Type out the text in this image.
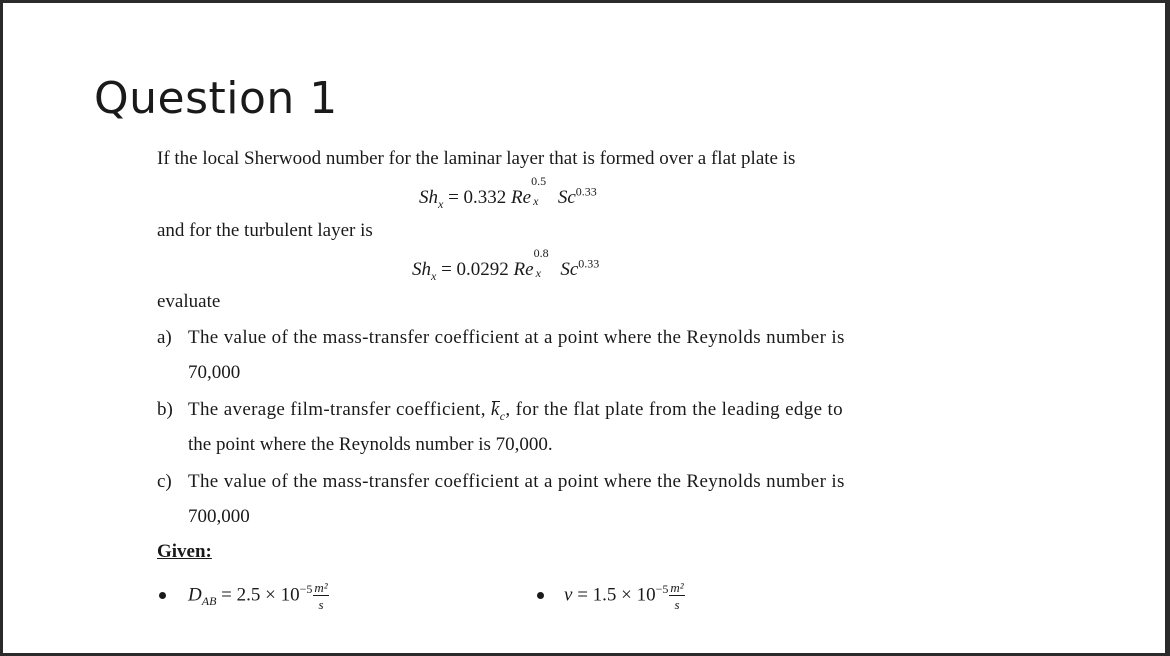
Question 1
If the local Sherwood number for the laminar layer that is formed over a flat plate is
$Sh_x = 0.332$ Re
0.5
x $Sc^{0.33}$
and for the turbulent layer is
$Sh_x = 0.0292$ Re
0.8
x $Sc^{0.33}$
evaluate
a) The value of the mass-transfer coefficient at a point where the Reynolds number is
70,000
b) The average film-transfer coefficient, $k_c$, for the flat plate from the leading edge to
the point where the Reynolds number is 70,000.
c) The value of the mass-transfer coefficient at a point where the Reynolds number is
700,000
Given:
$D_{AB} = 2.5 \times 10^{-5} \frac{\text{m²}}{s}$	$\nu = 1.5 \times 10^{-5} \frac{\text{m²}}{s}$
